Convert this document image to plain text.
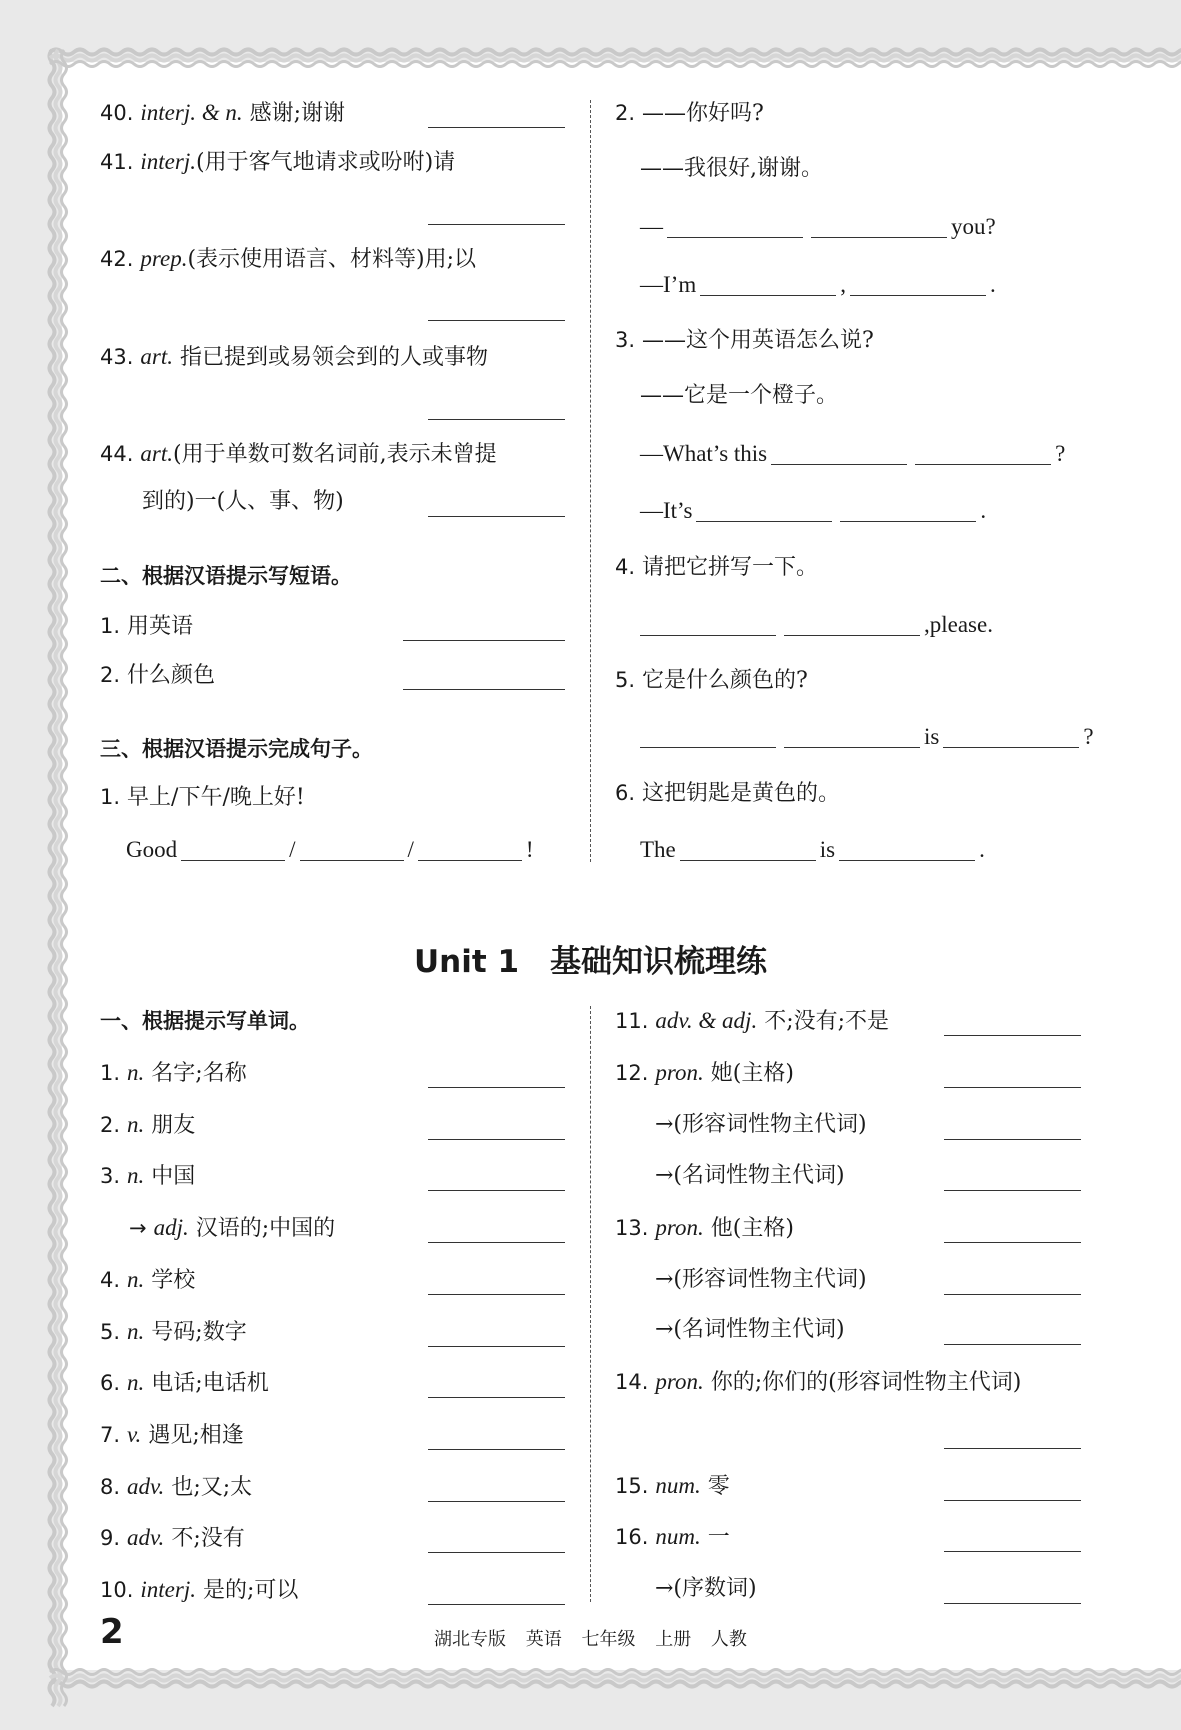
40. interj. & n. 感谢;谢谢
41. interj.(用于客气地请求或吩咐)请
42. prep.(表示使用语言、材料等)用;以
43. art. 指已提到或易领会到的人或事物
44. art.(用于单数可数名词前,表示未曾提
到的)一(人、事、物)
二、根据汉语提示写短语。
1. 用英语
2. 什么颜色
三、根据汉语提示完成句子。
1. 早上/下午/晚上好!
Good	/	/	!
2. ——你好吗?
——我很好,谢谢。
—	you?
—I’m	,	.
3. ——这个用英语怎么说?
——它是一个橙子。
—What’s this	?
—It’s	.
4. 请把它拼写一下。
,please.
5. 它是什么颜色的?
is	?
6. 这把钥匙是黄色的。
The	is	.
Unit 1　基础知识梳理练
一、根据提示写单词。
1. n. 名字;名称
2. n. 朋友
3. n. 中国
→ adj. 汉语的;中国的
4. n. 学校
5. n. 号码;数字
6. n. 电话;电话机
7. v. 遇见;相逢
8. adv. 也;又;太
9. adv. 不;没有
10. interj. 是的;可以
11. adv. & adj. 不;没有;不是
12. pron. 她(主格)
→(形容词性物主代词)
→(名词性物主代词)
13. pron. 他(主格)
→(形容词性物主代词)
→(名词性物主代词)
14. pron. 你的;你们的(形容词性物主代词)
15. num. 零
16. num. 一
→(序数词)
2	湖北专版 英语 七年级 上册 人教
